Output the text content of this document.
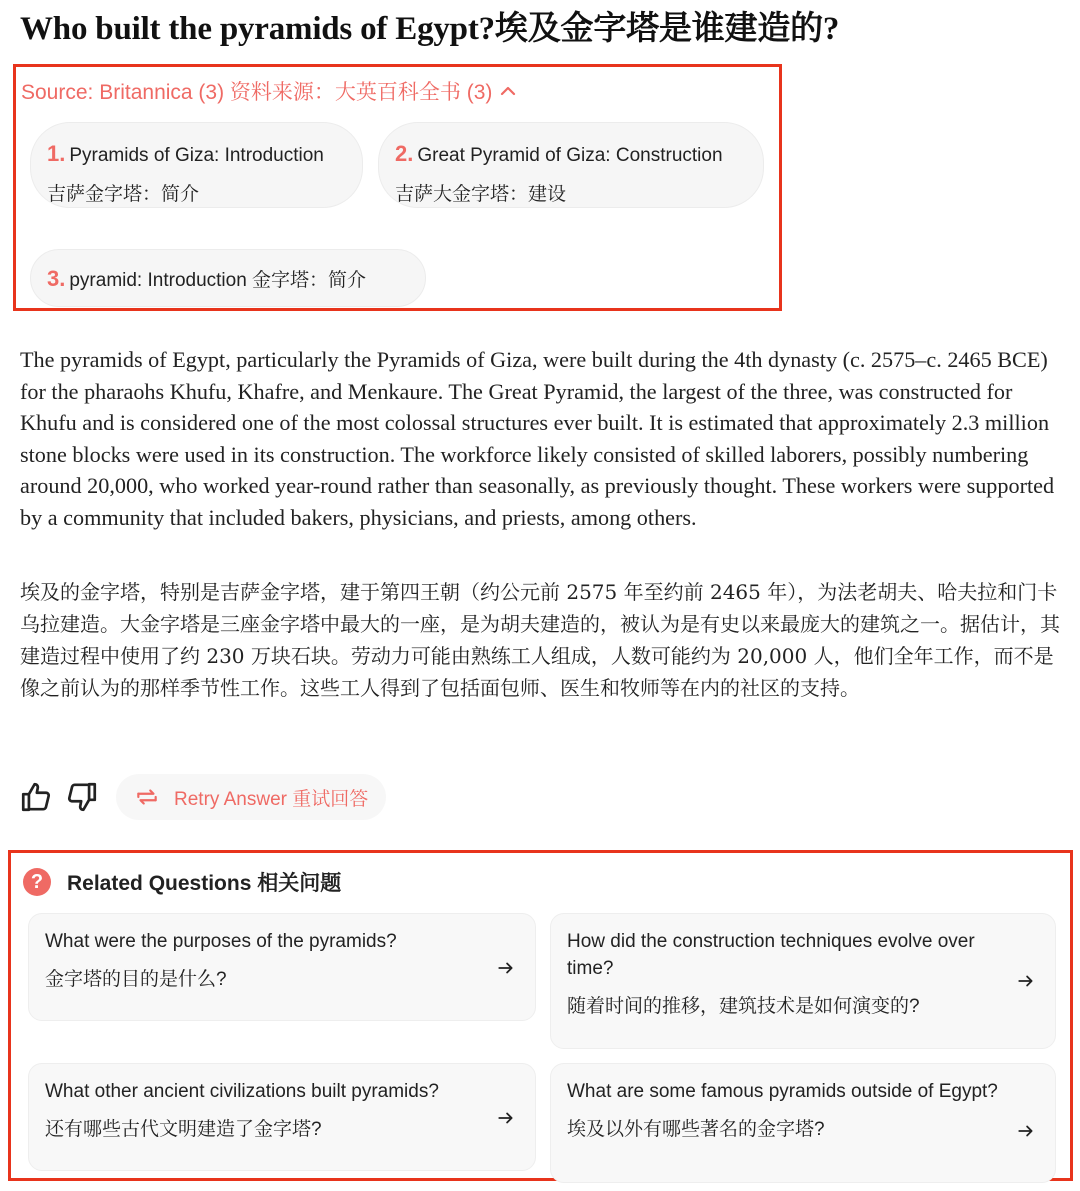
Who built the pyramids of Egypt?埃及金字塔是谁建造的?
Source: Britannica (3) 资料来源：大英百科全书 (3)
1. Pyramids of Giza: Introduction
吉萨金字塔：简介
2. Great Pyramid of Giza: Construction
吉萨大金字塔：建设
3. pyramid: Introduction 金字塔：简介

The pyramids of Egypt, particularly the Pyramids of Giza, were built during the 4th dynasty (c. 2575–c. 2465 BCE) for the pharaohs Khufu, Khafre, and Menkaure. The Great Pyramid, the largest of the three, was constructed for Khufu and is considered one of the most colossal structures ever built. It is estimated that approximately 2.3 million stone blocks were used in its construction. The workforce likely consisted of skilled laborers, possibly numbering around 20,000, who worked year-round rather than seasonally, as previously thought. These workers were supported by a community that included bakers, physicians, and priests, among others.

埃及的金字塔，特别是吉萨金字塔，建于第四王朝（约公元前 2575 年至约前 2465 年），为法老胡夫、哈夫拉和门卡乌拉建造。大金字塔是三座金字塔中最大的一座，是为胡夫建造的，被认为是有史以来最庞大的建筑之一。据估计，其建造过程中使用了约 230 万块石块。劳动力可能由熟练工人组成，人数可能约为 20,000 人，他们全年工作，而不是像之前认为的那样季节性工作。这些工人得到了包括面包师、医生和牧师等在内的社区的支持。

Retry Answer 重试回答
?	Related Questions 相关问题
What were the purposes of the pyramids?
金字塔的目的是什么?
How did the construction techniques evolve over time?
随着时间的推移，建筑技术是如何演变的?
What other ancient civilizations built pyramids?
还有哪些古代文明建造了金字塔?
What are some famous pyramids outside of Egypt?
埃及以外有哪些著名的金字塔?
